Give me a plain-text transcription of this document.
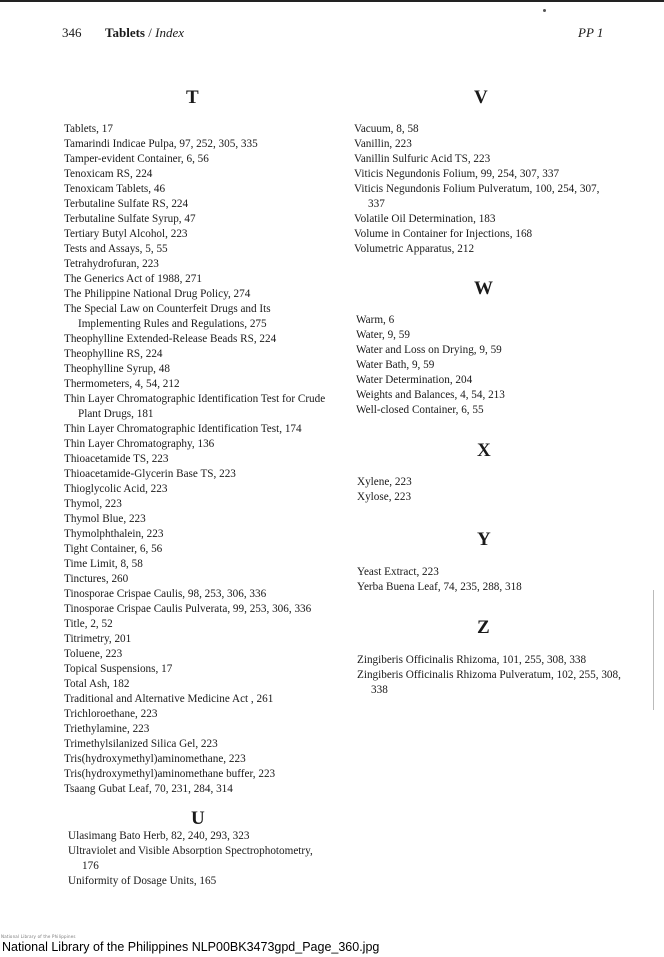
346 Tablets / Index	PP 1
T
Tablets, 17
Tamarindi Indicae Pulpa, 97, 252, 305, 335
Tamper-evident Container, 6, 56
Tenoxicam RS, 224
Tenoxicam Tablets, 46
Terbutaline Sulfate RS, 224
Terbutaline Sulfate Syrup, 47
Tertiary Butyl Alcohol, 223
Tests and Assays, 5, 55
Tetrahydrofuran, 223
The Generics Act of 1988, 271
The Philippine National Drug Policy, 274
The Special Law on Counterfeit Drugs and Its Implementing Rules and Regulations, 275
Theophylline Extended-Release Beads RS, 224
Theophylline RS, 224
Theophylline Syrup, 48
Thermometers, 4, 54, 212
Thin Layer Chromatographic Identification Test for Crude Plant Drugs, 181
Thin Layer Chromatographic Identification Test, 174
Thin Layer Chromatography, 136
Thioacetamide TS, 223
Thioacetamide-Glycerin Base TS, 223
Thioglycolic Acid, 223
Thymol, 223
Thymol Blue, 223
Thymolphthalein, 223
Tight Container, 6, 56
Time Limit, 8, 58
Tinctures, 260
Tinosporae Crispae Caulis, 98, 253, 306, 336
Tinosporae Crispae Caulis Pulverata, 99, 253, 306, 336
Title, 2, 52
Titrimetry, 201
Toluene, 223
Topical Suspensions, 17
Total Ash, 182
Traditional and Alternative Medicine Act , 261
Trichloroethane, 223
Triethylamine, 223
Trimethylsilanized Silica Gel, 223
Tris(hydroxymethyl)aminomethane, 223
Tris(hydroxymethyl)aminomethane buffer, 223
Tsaang Gubat Leaf, 70, 231, 284, 314
U
Ulasimang Bato Herb, 82, 240, 293, 323
Ultraviolet and Visible Absorption Spectrophotometry, 176
Uniformity of Dosage Units, 165
V
Vacuum, 8, 58
Vanillin, 223
Vanillin Sulfuric Acid TS, 223
Viticis Negundonis Folium, 99, 254, 307, 337
Viticis Negundonis Folium Pulveratum, 100, 254, 307, 337
Volatile Oil Determination, 183
Volume in Container for Injections, 168
Volumetric Apparatus, 212
W
Warm, 6
Water, 9, 59
Water and Loss on Drying, 9, 59
Water Bath, 9, 59
Water Determination, 204
Weights and Balances, 4, 54, 213
Well-closed Container, 6, 55
X
Xylene, 223
Xylose, 223
Y
Yeast Extract, 223
Yerba Buena Leaf, 74, 235, 288, 318
Z
Zingiberis Officinalis Rhizoma, 101, 255, 308, 338
Zingiberis Officinalis Rhizoma Pulveratum, 102, 255, 308, 338
National Library of the Philippines
National Library of the Philippines NLP00BK3473gpd_Page_360.jpg
